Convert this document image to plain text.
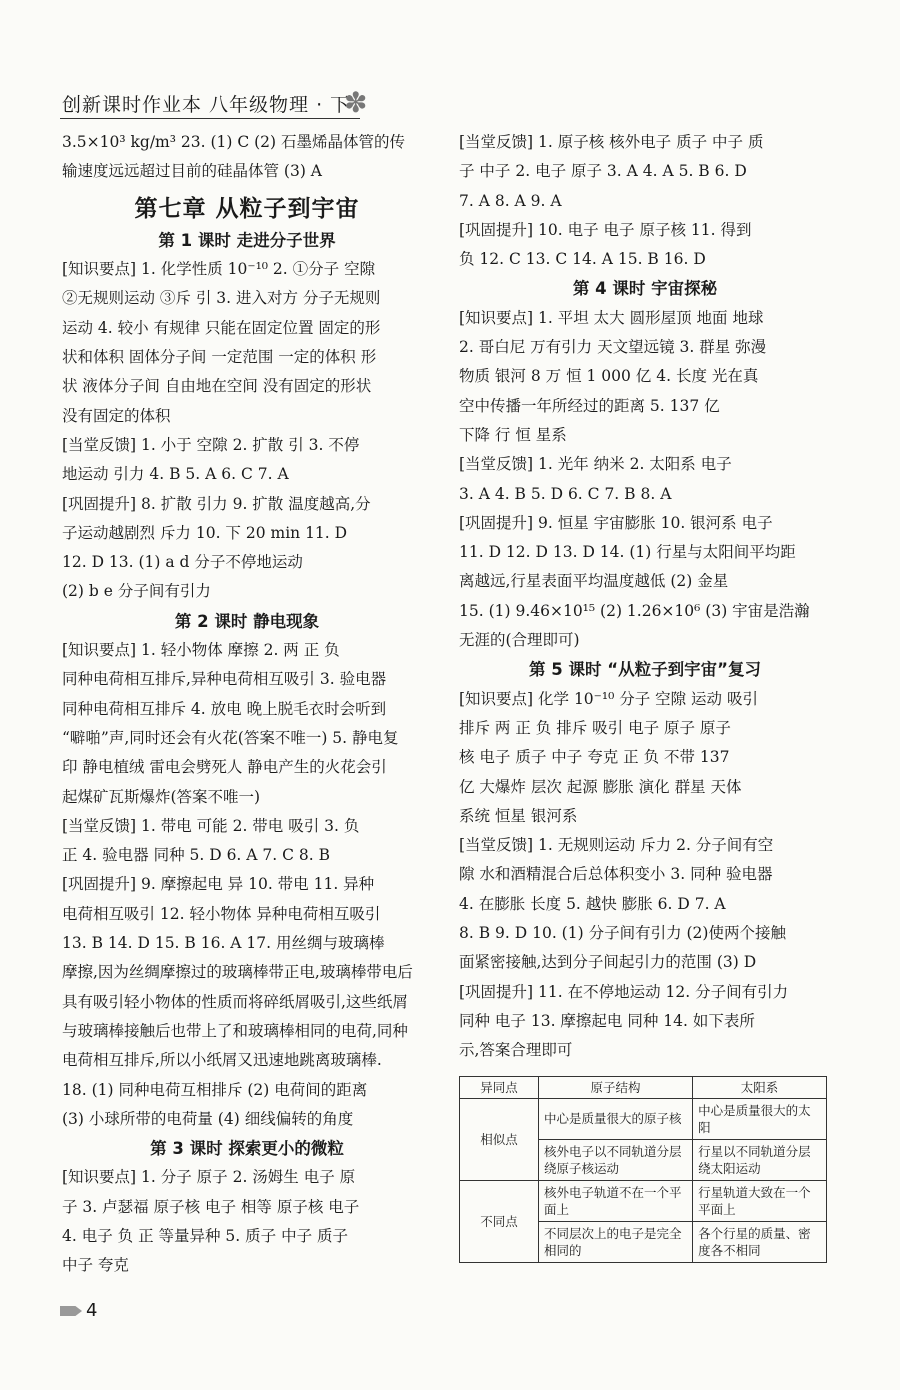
创新课时作业本 八年级物理 · 下
✽

3.5×10³ kg/m³ 23. (1) C (2) 石墨烯晶体管的传

输速度远远超过目前的硅晶体管 (3) A

第七章 从粒子到宇宙
第 1 课时 走进分子世界

[知识要点] 1. 化学性质 10⁻¹⁰ 2. ①分子 空隙

②无规则运动 ③斥 引 3. 进入对方 分子无规则

运动 4. 较小 有规律 只能在固定位置 固定的形

状和体积 固体分子间 一定范围 一定的体积 形

状 液体分子间 自由地在空间 没有固定的形状

没有固定的体积

[当堂反馈] 1. 小于 空隙 2. 扩散 引 3. 不停

地运动 引力 4. B 5. A 6. C 7. A

[巩固提升] 8. 扩散 引力 9. 扩散 温度越高,分

子运动越剧烈 斥力 10. 下 20 min 11. D

12. D 13. (1) a d 分子不停地运动

(2) b e 分子间有引力

第 2 课时 静电现象

[知识要点] 1. 轻小物体 摩擦 2. 两 正 负

同种电荷相互排斥,异种电荷相互吸引 3. 验电器

同种电荷相互排斥 4. 放电 晚上脱毛衣时会听到

“噼啪”声,同时还会有火花(答案不唯一) 5. 静电复

印 静电植绒 雷电会劈死人 静电产生的火花会引

起煤矿瓦斯爆炸(答案不唯一)

[当堂反馈] 1. 带电 可能 2. 带电 吸引 3. 负

正 4. 验电器 同种 5. D 6. A 7. C 8. B

[巩固提升] 9. 摩擦起电 异 10. 带电 11. 异种

电荷相互吸引 12. 轻小物体 异种电荷相互吸引

13. B 14. D 15. B 16. A 17. 用丝绸与玻璃棒

摩擦,因为丝绸摩擦过的玻璃棒带正电,玻璃棒带电后

具有吸引轻小物体的性质而将碎纸屑吸引,这些纸屑

与玻璃棒接触后也带上了和玻璃棒相同的电荷,同种

电荷相互排斥,所以小纸屑又迅速地跳离玻璃棒.

18. (1) 同种电荷互相排斥 (2) 电荷间的距离

(3) 小球所带的电荷量 (4) 细线偏转的角度

第 3 课时 探索更小的微粒

[知识要点] 1. 分子 原子 2. 汤姆生 电子 原

子 3. 卢瑟福 原子核 电子 相等 原子核 电子

4. 电子 负 正 等量异种 5. 质子 中子 质子

中子 夸克

[当堂反馈] 1. 原子核 核外电子 质子 中子 质

子 中子 2. 电子 原子 3. A 4. A 5. B 6. D

7. A 8. A 9. A

[巩固提升] 10. 电子 电子 原子核 11. 得到

负 12. C 13. C 14. A 15. B 16. D

第 4 课时 宇宙探秘

[知识要点] 1. 平坦 太大 圆形屋顶 地面 地球

2. 哥白尼 万有引力 天文望远镜 3. 群星 弥漫

物质 银河 8 万 恒 1 000 亿 4. 长度 光在真

空中传播一年所经过的距离 5. 137 亿

下降 行 恒 星系

[当堂反馈] 1. 光年 纳米 2. 太阳系 电子

3. A 4. B 5. D 6. C 7. B 8. A

[巩固提升] 9. 恒星 宇宙膨胀 10. 银河系 电子

11. D 12. D 13. D 14. (1) 行星与太阳间平均距

离越远,行星表面平均温度越低 (2) 金星

15. (1) 9.46×10¹⁵ (2) 1.26×10⁶ (3) 宇宙是浩瀚

无涯的(合理即可)

第 5 课时 “从粒子到宇宙”复习

[知识要点] 化学 10⁻¹⁰ 分子 空隙 运动 吸引

排斥 两 正 负 排斥 吸引 电子 原子 原子

核 电子 质子 中子 夸克 正 负 不带 137

亿 大爆炸 层次 起源 膨胀 演化 群星 天体

系统 恒星 银河系

[当堂反馈] 1. 无规则运动 斥力 2. 分子间有空

隙 水和酒精混合后总体积变小 3. 同种 验电器

4. 在膨胀 长度 5. 越快 膨胀 6. D 7. A

8. B 9. D 10. (1) 分子间有引力 (2)使两个接触

面紧密接触,达到分子间起引力的范围 (3) D

[巩固提升] 11. 在不停地运动 12. 分子间有引力

同种 电子 13. 摩擦起电 同种 14. 如下表所

示,答案合理即可

异同点	原子结构	太阳系
相似点	中心是质量很大的原子核	中心是质量很大的太阳
	核外电子以不同轨道分层绕原子核运动	行星以不同轨道分层绕太阳运动
不同点	核外电子轨道不在一个平面上	行星轨道大致在一个平面上
	不同层次上的电子是完全相同的	各个行星的质量、密度各不相同
4
